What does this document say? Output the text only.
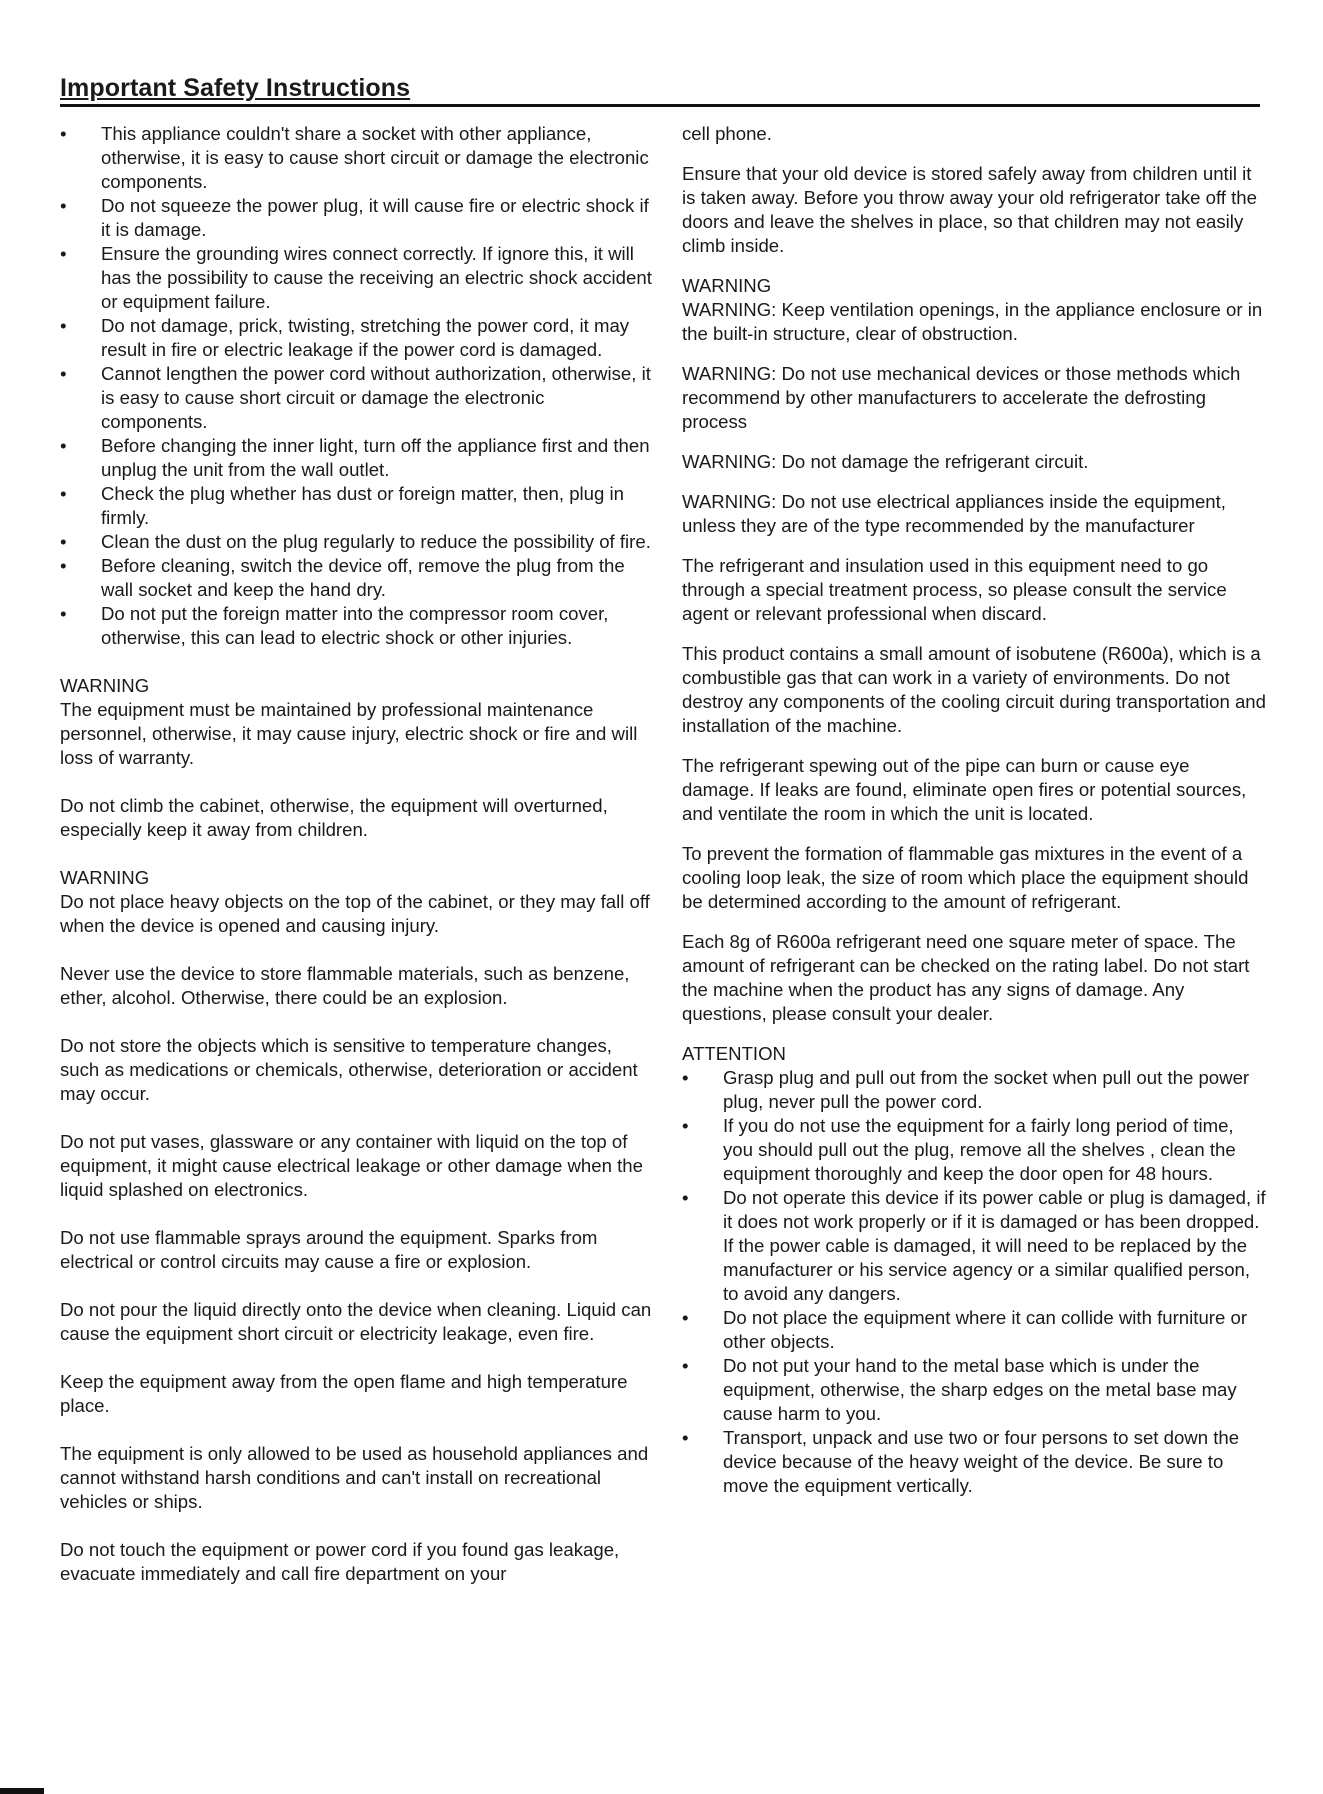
Important Safety Instructions
•	This appliance couldn't share a socket with other appliance, otherwise, it is easy to cause short circuit or damage the electronic components.
•	Do not squeeze the power plug, it will cause fire or electric shock if it is damage.
•	Ensure the grounding wires connect correctly. If ignore this, it will has the possibility to cause the receiving an electric shock accident or equipment failure.
•	Do not damage, prick, twisting, stretching the power cord, it may result in fire or electric leakage if the power cord is damaged.
•	Cannot lengthen the power cord without authorization, otherwise, it is easy to cause short circuit or damage the electronic components.
•	Before changing the inner light, turn off the appliance first and then unplug the unit from the wall outlet.
•	Check the plug whether has dust or foreign matter, then, plug in firmly.
•	Clean the dust on the plug regularly to reduce the possibility of fire.
•	Before cleaning, switch the device off, remove the plug from the wall socket and keep the hand dry.
•	Do not put the foreign matter into the compressor room cover, otherwise, this can lead to electric shock or other injuries.

WARNING
The equipment must be maintained by professional maintenance personnel, otherwise, it may cause injury, electric shock or fire and will loss of warranty.

Do not climb the cabinet, otherwise, the equipment will overturned, especially keep it away from children.

WARNING
Do not place heavy objects on the top of the cabinet, or they may fall off when the device is opened and causing injury.

Never use the device to store flammable materials, such as benzene, ether, alcohol. Otherwise, there could be an explosion.

Do not store the objects which is sensitive to temperature changes, such as medications or chemicals, otherwise, deterioration or accident may occur.

Do not put vases, glassware or any container with liquid on the top of equipment, it might cause electrical leakage or other damage when the liquid splashed on electronics.

Do not use flammable sprays around the equipment. Sparks from electrical or control circuits may cause a fire or explosion.

Do not pour the liquid directly onto the device when cleaning. Liquid can cause the equipment short circuit or electricity leakage, even fire.

Keep the equipment away from the open flame and high temperature place.

The equipment is only allowed to be used as household appliances and cannot withstand harsh conditions and can't install on recreational vehicles or ships.

Do not touch the equipment or power cord if you found gas leakage, evacuate immediately and call fire department on your

cell phone.

Ensure that your old device is stored safely away from children until it is taken away. Before you throw away your old refrigerator take off the doors and leave the shelves in place, so that children may not easily climb inside.

WARNING
WARNING: Keep ventilation openings, in the appliance enclosure or in the built-in structure, clear of obstruction.

WARNING: Do not use mechanical devices or those methods which recommend by other manufacturers to accelerate the defrosting process

WARNING: Do not damage the refrigerant circuit.

WARNING: Do not use electrical appliances inside the equipment, unless they are of the type recommended by the manufacturer

The refrigerant and insulation used in this equipment need to go through a special treatment process, so please consult the service agent or relevant professional when discard.

This product contains a small amount of isobutene (R600a), which is a combustible gas that can work in a variety of environments. Do not destroy any components of the cooling circuit during transportation and installation of the machine.

The refrigerant spewing out of the pipe can burn or cause eye damage. If leaks are found, eliminate open fires or potential sources, and ventilate the room in which the unit is located.

To prevent the formation of flammable gas mixtures in the event of a cooling loop leak, the size of room which place the equipment should be determined according to the amount of refrigerant.

Each 8g of R600a refrigerant need one square meter of space. The amount of refrigerant can be checked on the rating label. Do not start the machine when the product has any signs of damage. Any questions, please consult your dealer.

ATTENTION
•	Grasp plug and pull out from the socket when pull out the power plug, never pull the power cord.
•	If you do not use the equipment for a fairly long period of time, you should pull out the plug, remove all the shelves , clean the equipment thoroughly and keep the door open for 48 hours.
•	Do not operate this device if its power cable or plug is damaged, if it does not work properly or if it is damaged or has been dropped. If the power cable is damaged, it will need to be replaced by the manufacturer or his service agency or a similar qualified person, to avoid any dangers.
•	Do not place the equipment where it can collide with furniture or other objects.
•	Do not put your hand to the metal base which is under the equipment, otherwise, the sharp edges on the metal base may cause harm to you.
•	Transport, unpack and use two or four persons to set down the device because of the heavy weight of the device. Be sure to move the equipment vertically.
